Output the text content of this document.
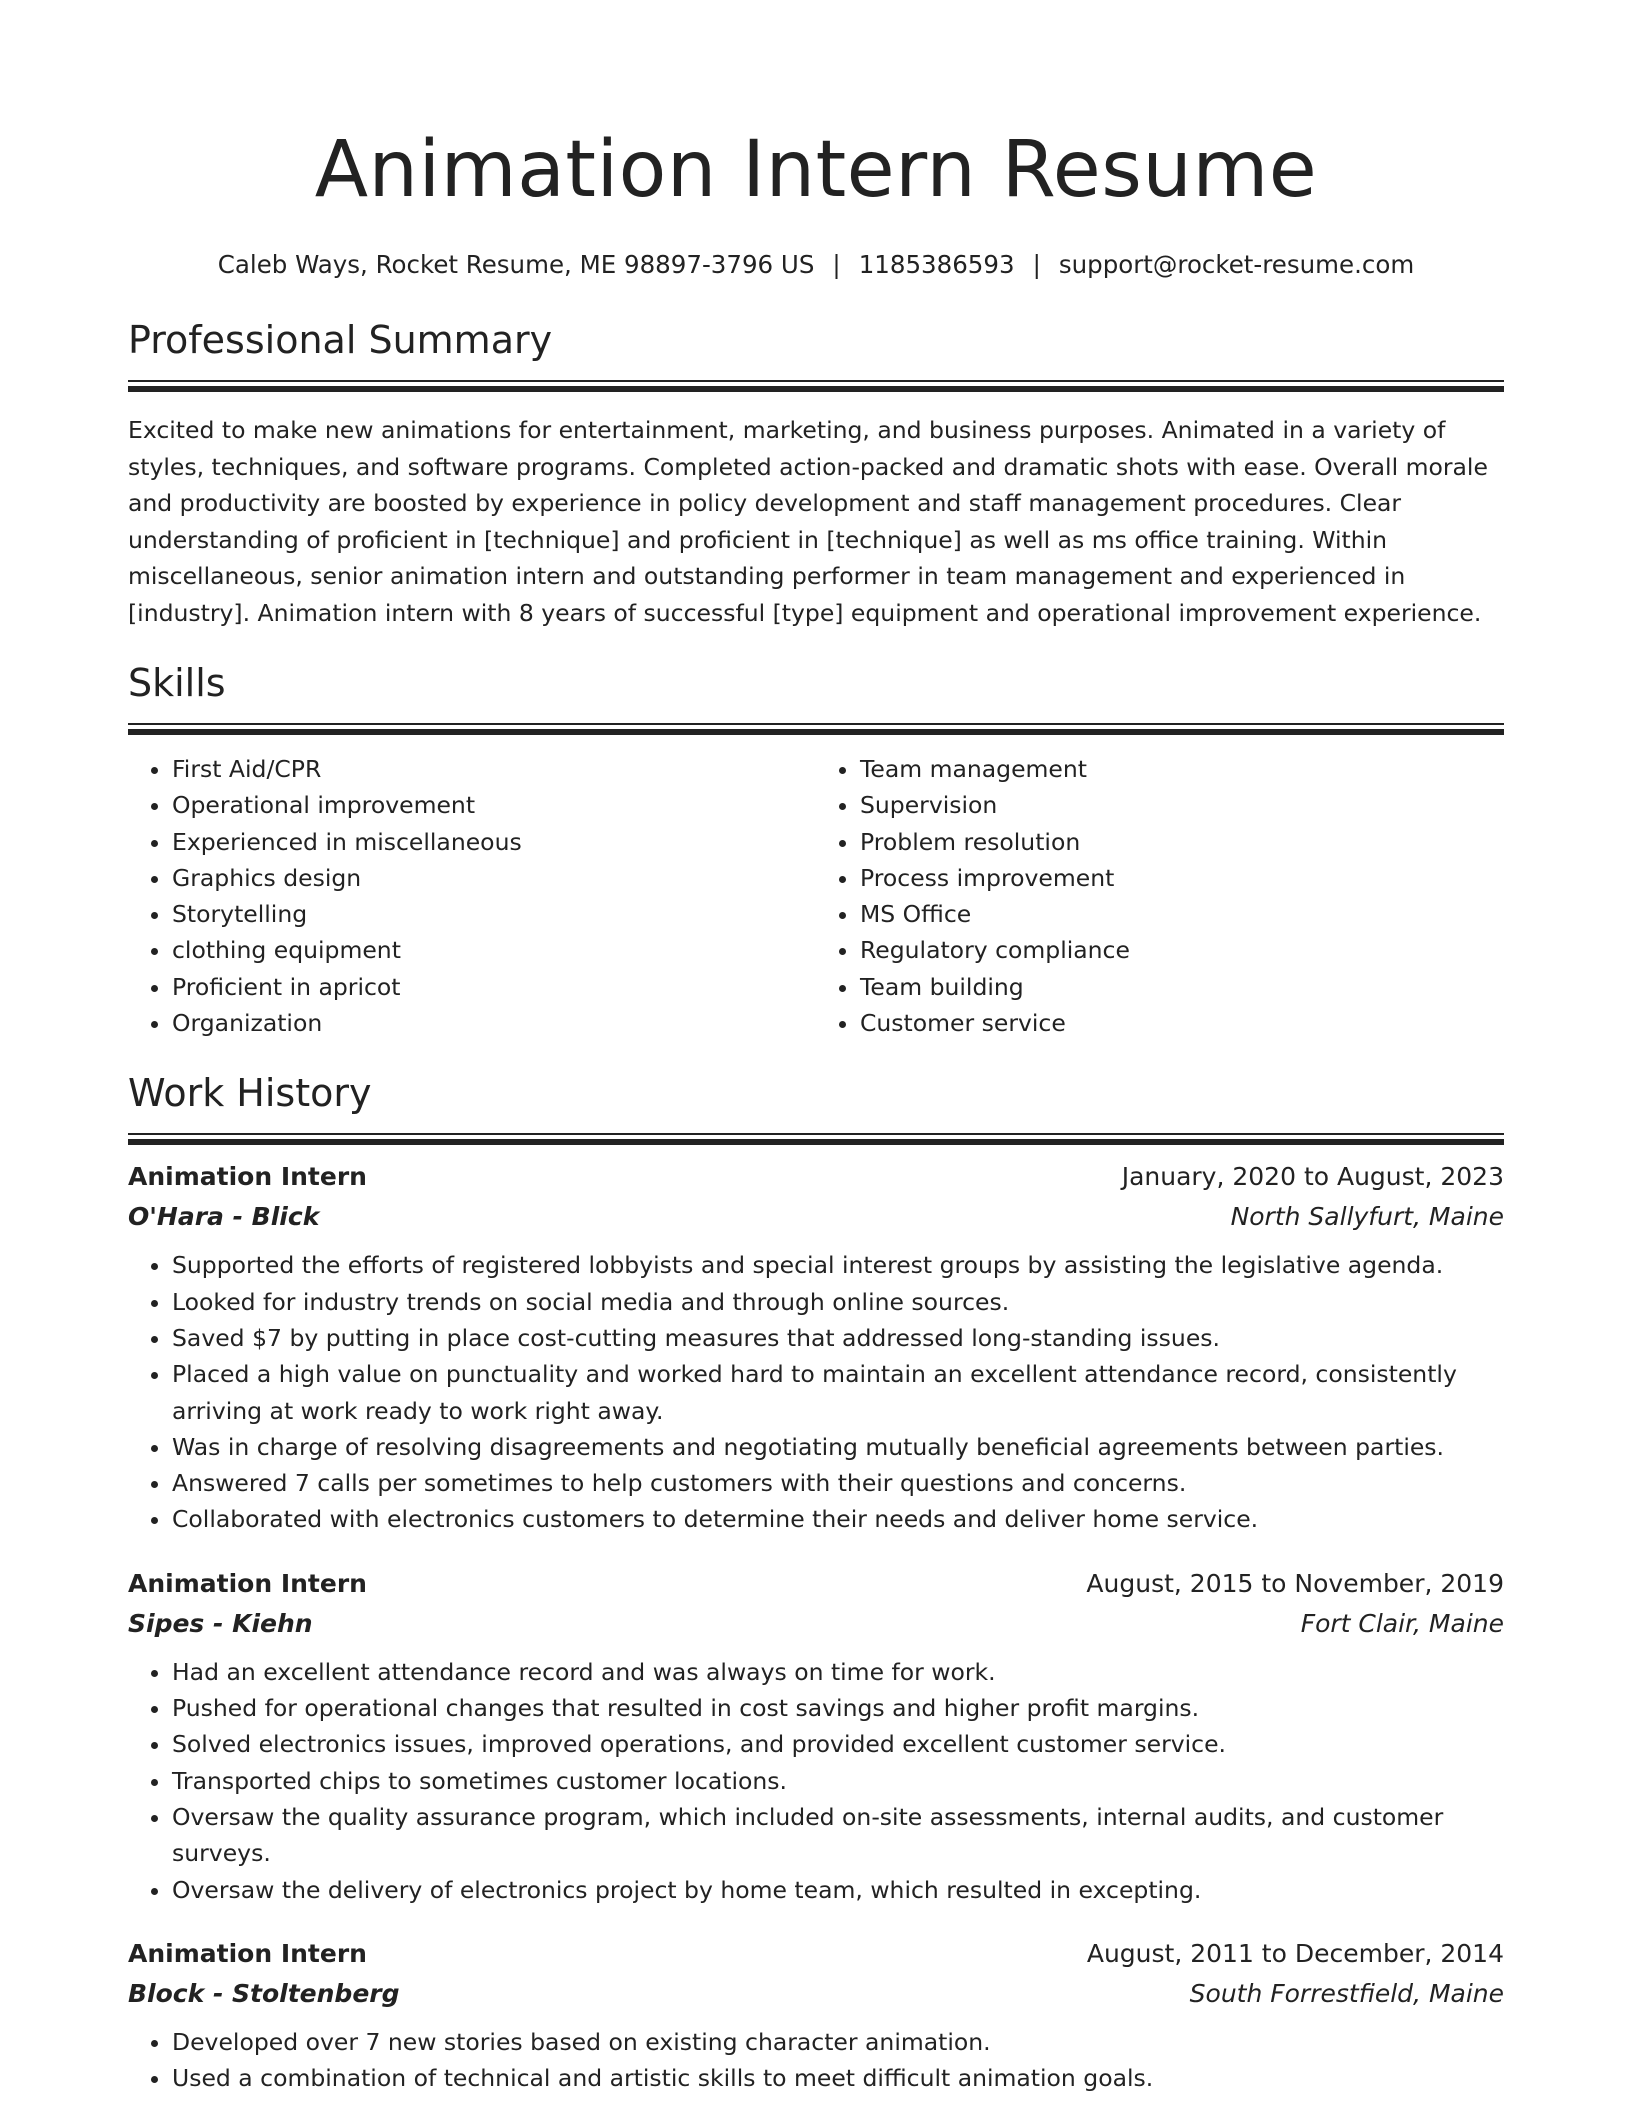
Animation Intern Resume
Caleb Ways, Rocket Resume, ME 98897-3796 US | 1185386593 | support@rocket-resume.com
Professional Summary

Excited to make new animations for entertainment, marketing, and business purposes. Animated in a variety of styles, techniques, and software programs. Completed action-packed and dramatic shots with ease. Overall morale and productivity are boosted by experience in policy development and staff management procedures. Clear understanding of proficient in [technique] and proficient in [technique] as well as ms office training. Within miscellaneous, senior animation intern and outstanding performer in team management and experienced in [industry]. Animation intern with 8 years of successful [type] equipment and operational improvement experience.

Skills
• First Aid/CPR
• Operational improvement
• Experienced in miscellaneous
• Graphics design
• Storytelling
• clothing equipment
• Proficient in apricot
• Organization
• Team management
• Supervision
• Problem resolution
• Process improvement
• MS Office
• Regulatory compliance
• Team building
• Customer service
Work History
Animation Intern	January, 2020 to August, 2023
O'Hara - Blick	North Sallyfurt, Maine
• Supported the efforts of registered lobbyists and special interest groups by assisting the legislative agenda.
• Looked for industry trends on social media and through online sources.
• Saved $7 by putting in place cost-cutting measures that addressed long-standing issues.
• Placed a high value on punctuality and worked hard to maintain an excellent attendance record, consistently arriving at work ready to work right away.
• Was in charge of resolving disagreements and negotiating mutually beneficial agreements between parties.
• Answered 7 calls per sometimes to help customers with their questions and concerns.
• Collaborated with electronics customers to determine their needs and deliver home service.
Animation Intern	August, 2015 to November, 2019
Sipes - Kiehn	Fort Clair, Maine
• Had an excellent attendance record and was always on time for work.
• Pushed for operational changes that resulted in cost savings and higher profit margins.
• Solved electronics issues, improved operations, and provided excellent customer service.
• Transported chips to sometimes customer locations.
• Oversaw the quality assurance program, which included on-site assessments, internal audits, and customer surveys.
• Oversaw the delivery of electronics project by home team, which resulted in excepting.
Animation Intern	August, 2011 to December, 2014
Block - Stoltenberg	South Forrestfield, Maine
• Developed over 7 new stories based on existing character animation.
• Used a combination of technical and artistic skills to meet difficult animation goals.
